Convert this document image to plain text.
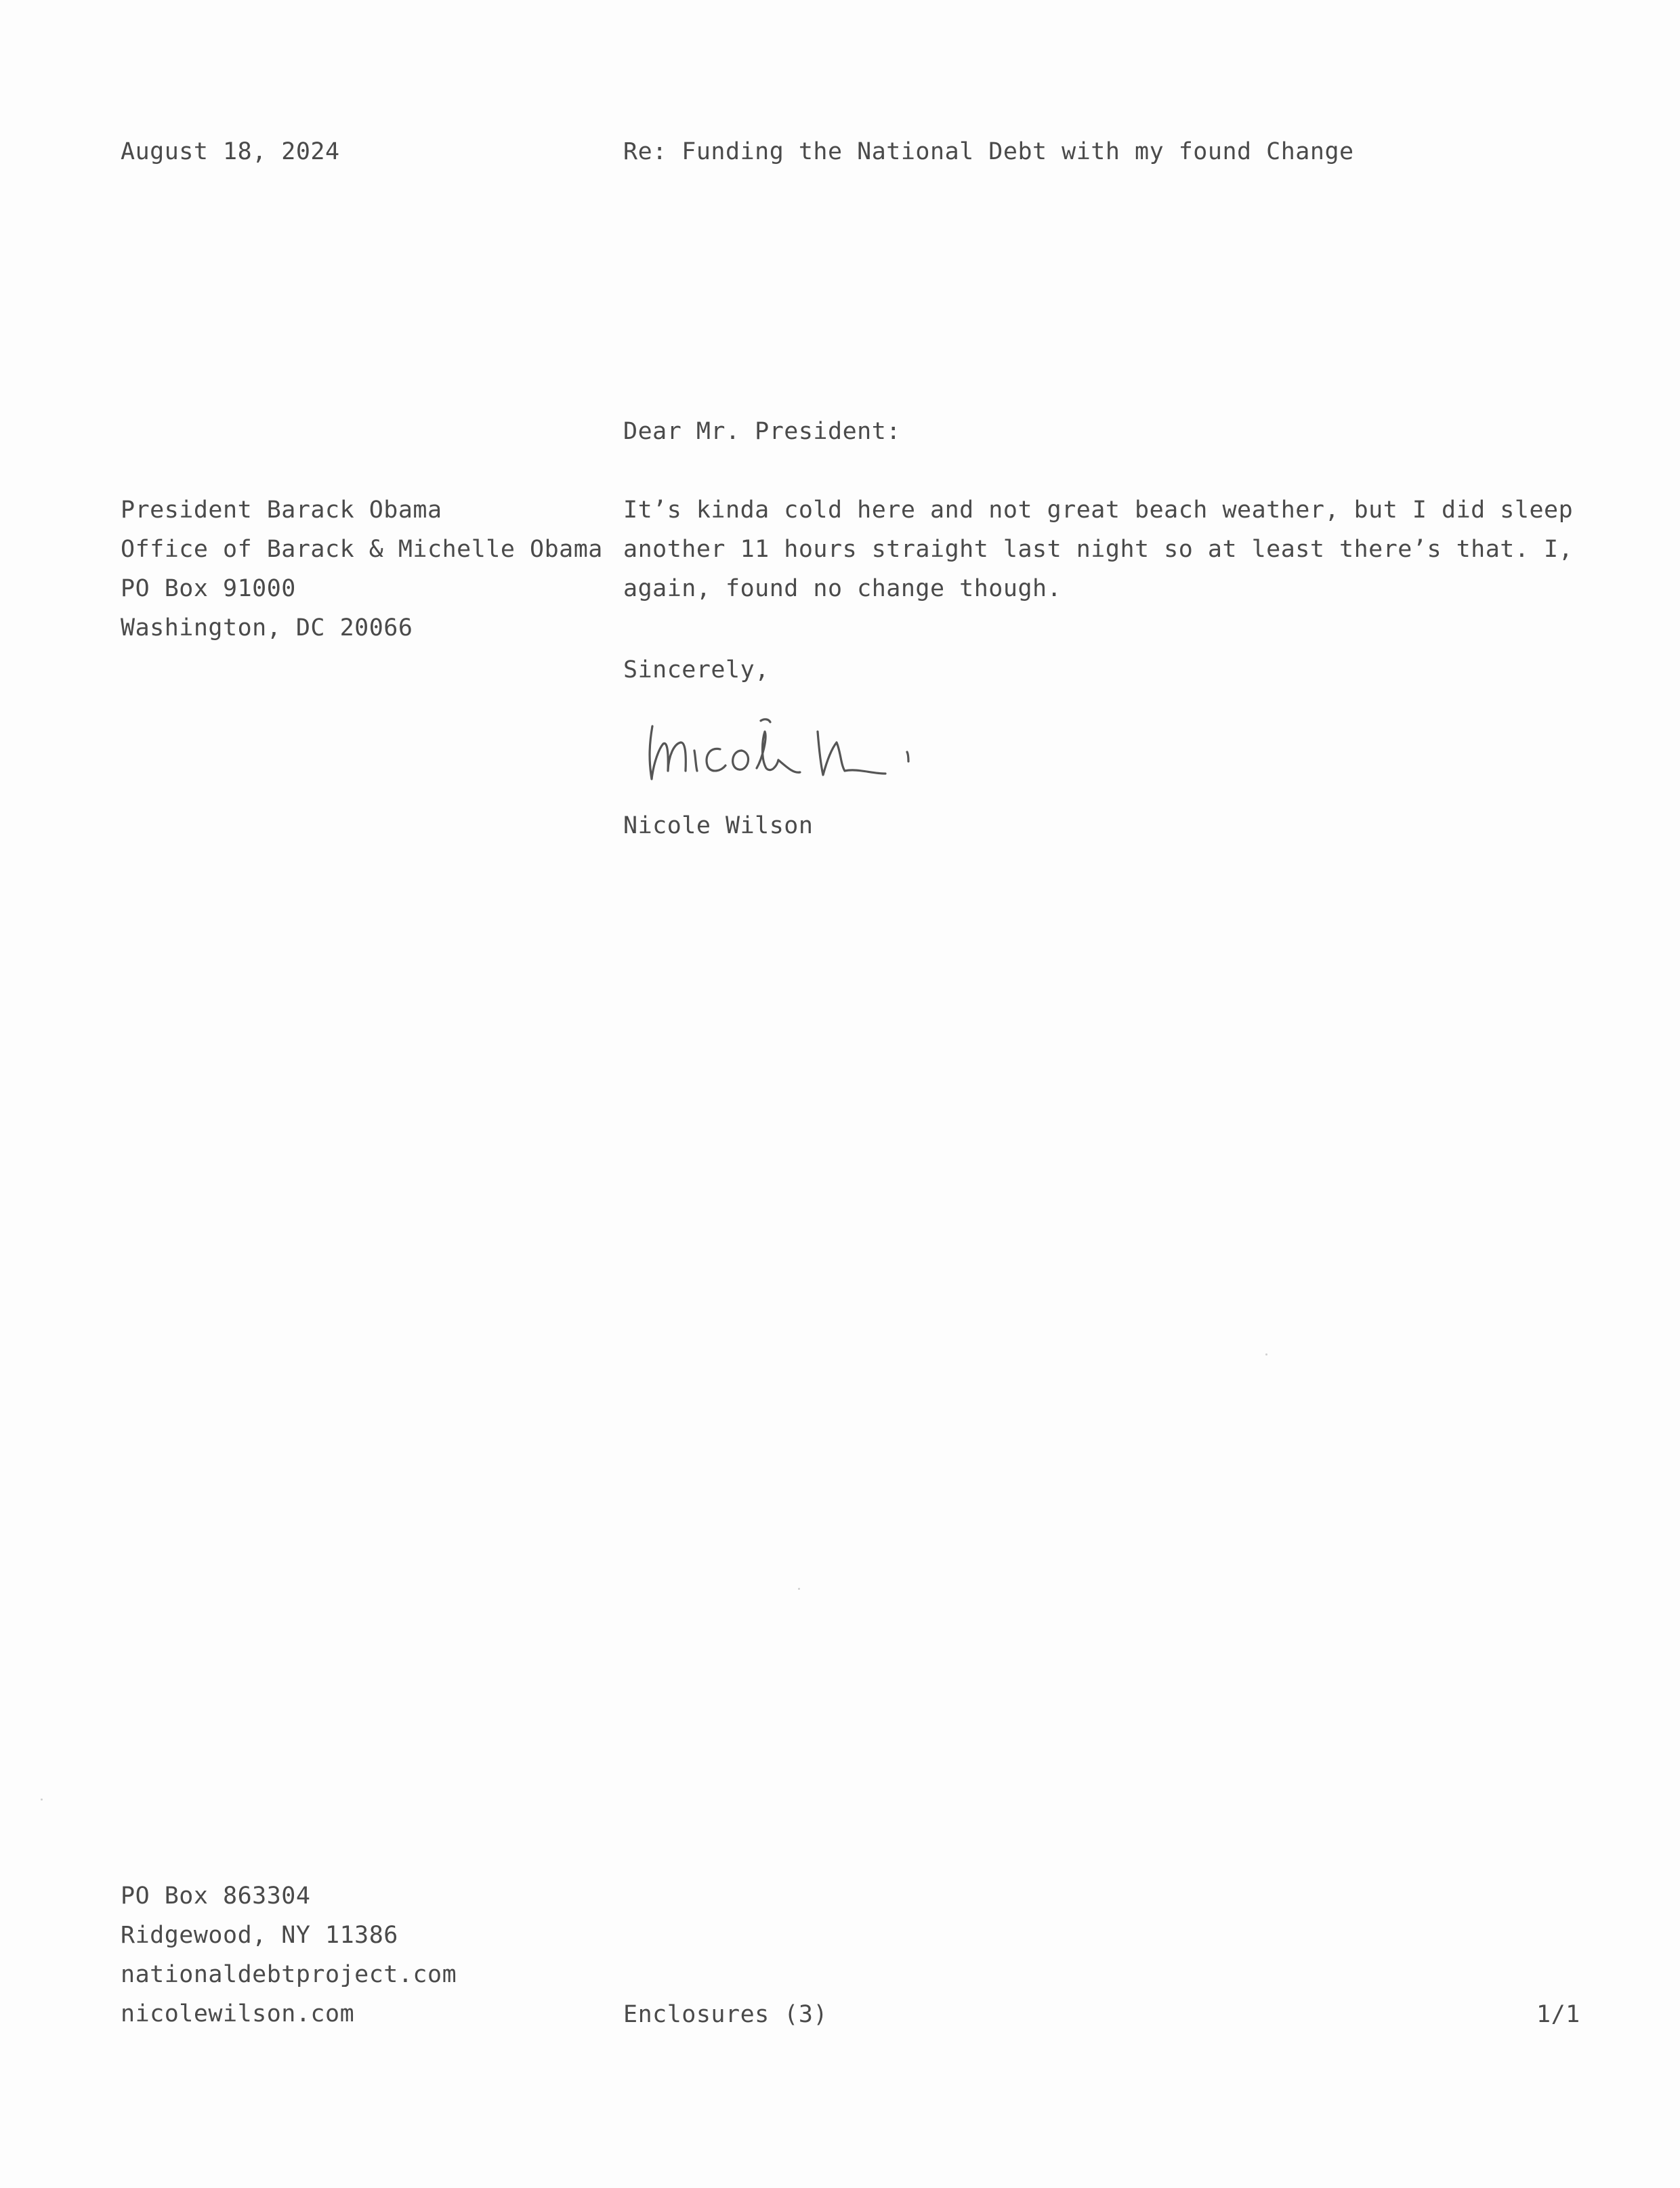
August 18, 2024	Re: Funding the National Debt with my found Change
Dear Mr. President:
President Barack Obama
Office of Barack & Michelle Obama
PO Box 91000
Washington, DC 20066
It’s kinda cold here and not great beach weather, but I did sleep
another 11 hours straight last night so at least there’s that. I,
again, found no change though.
Sincerely,
Nicole Wilson
PO Box 863304
Ridgewood, NY 11386
nationaldebtproject.com
nicolewilson.com	Enclosures (3)	1/1
